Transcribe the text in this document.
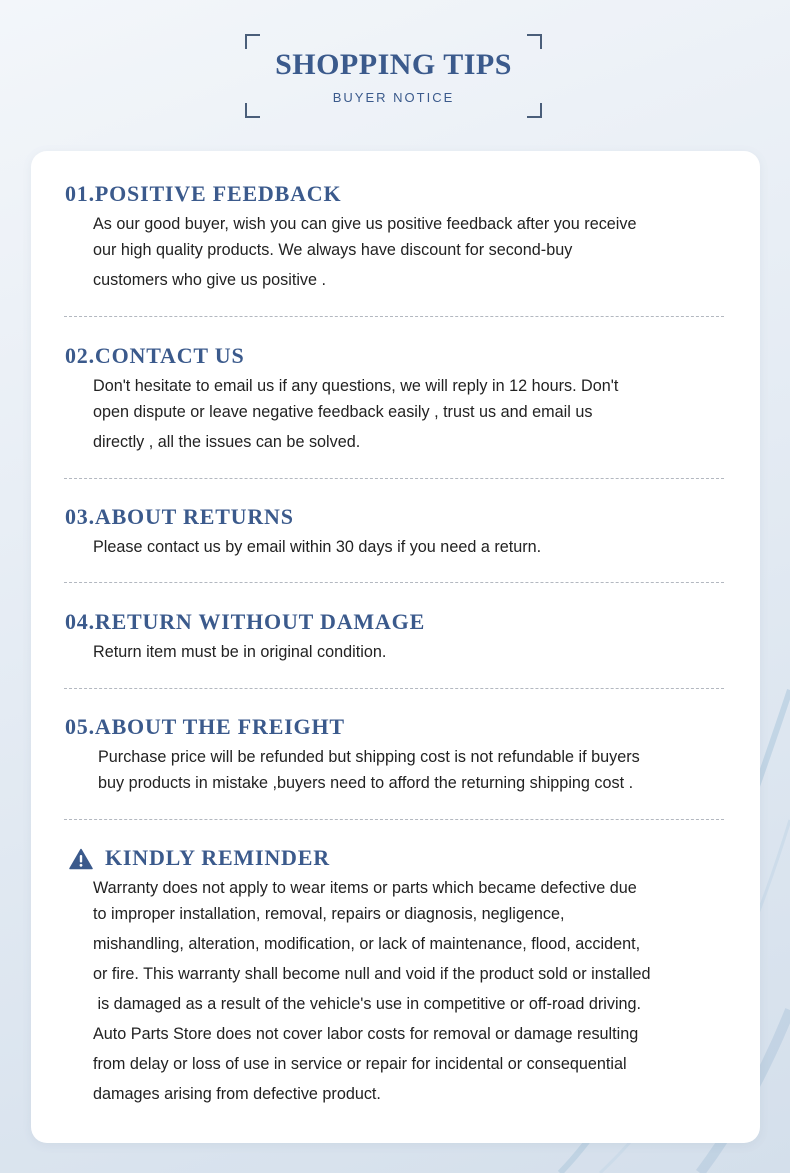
SHOPPING TIPS
BUYER NOTICE
01.POSITIVE FEEDBACK
As our good buyer, wish you can give us positive feedback after you receive
our high quality products. We always have discount for second-buy
customers who give us positive .
02.CONTACT US
Don't hesitate to email us if any questions, we will reply in 12 hours. Don't
open dispute or leave negative feedback easily , trust us and email us
directly , all the issues can be solved.
03.ABOUT RETURNS
Please contact us by email within 30 days if you need a return.
04.RETURN WITHOUT DAMAGE
Return item must be in original condition.
05.ABOUT THE FREIGHT
Purchase price will be refunded but shipping cost is not refundable if buyers
buy products in mistake ,buyers need to afford the returning shipping cost .
KINDLY REMINDER
Warranty does not apply to wear items or parts which became defective due
to improper installation, removal, repairs or diagnosis, negligence,
mishandling, alteration, modification, or lack of maintenance, flood, accident,
or fire. This warranty shall become null and void if the product sold or installed
is damaged as a result of the vehicle's use in competitive or off-road driving.
Auto Parts Store does not cover labor costs for removal or damage resulting
from delay or loss of use in service or repair for incidental or consequential
damages arising from defective product.
